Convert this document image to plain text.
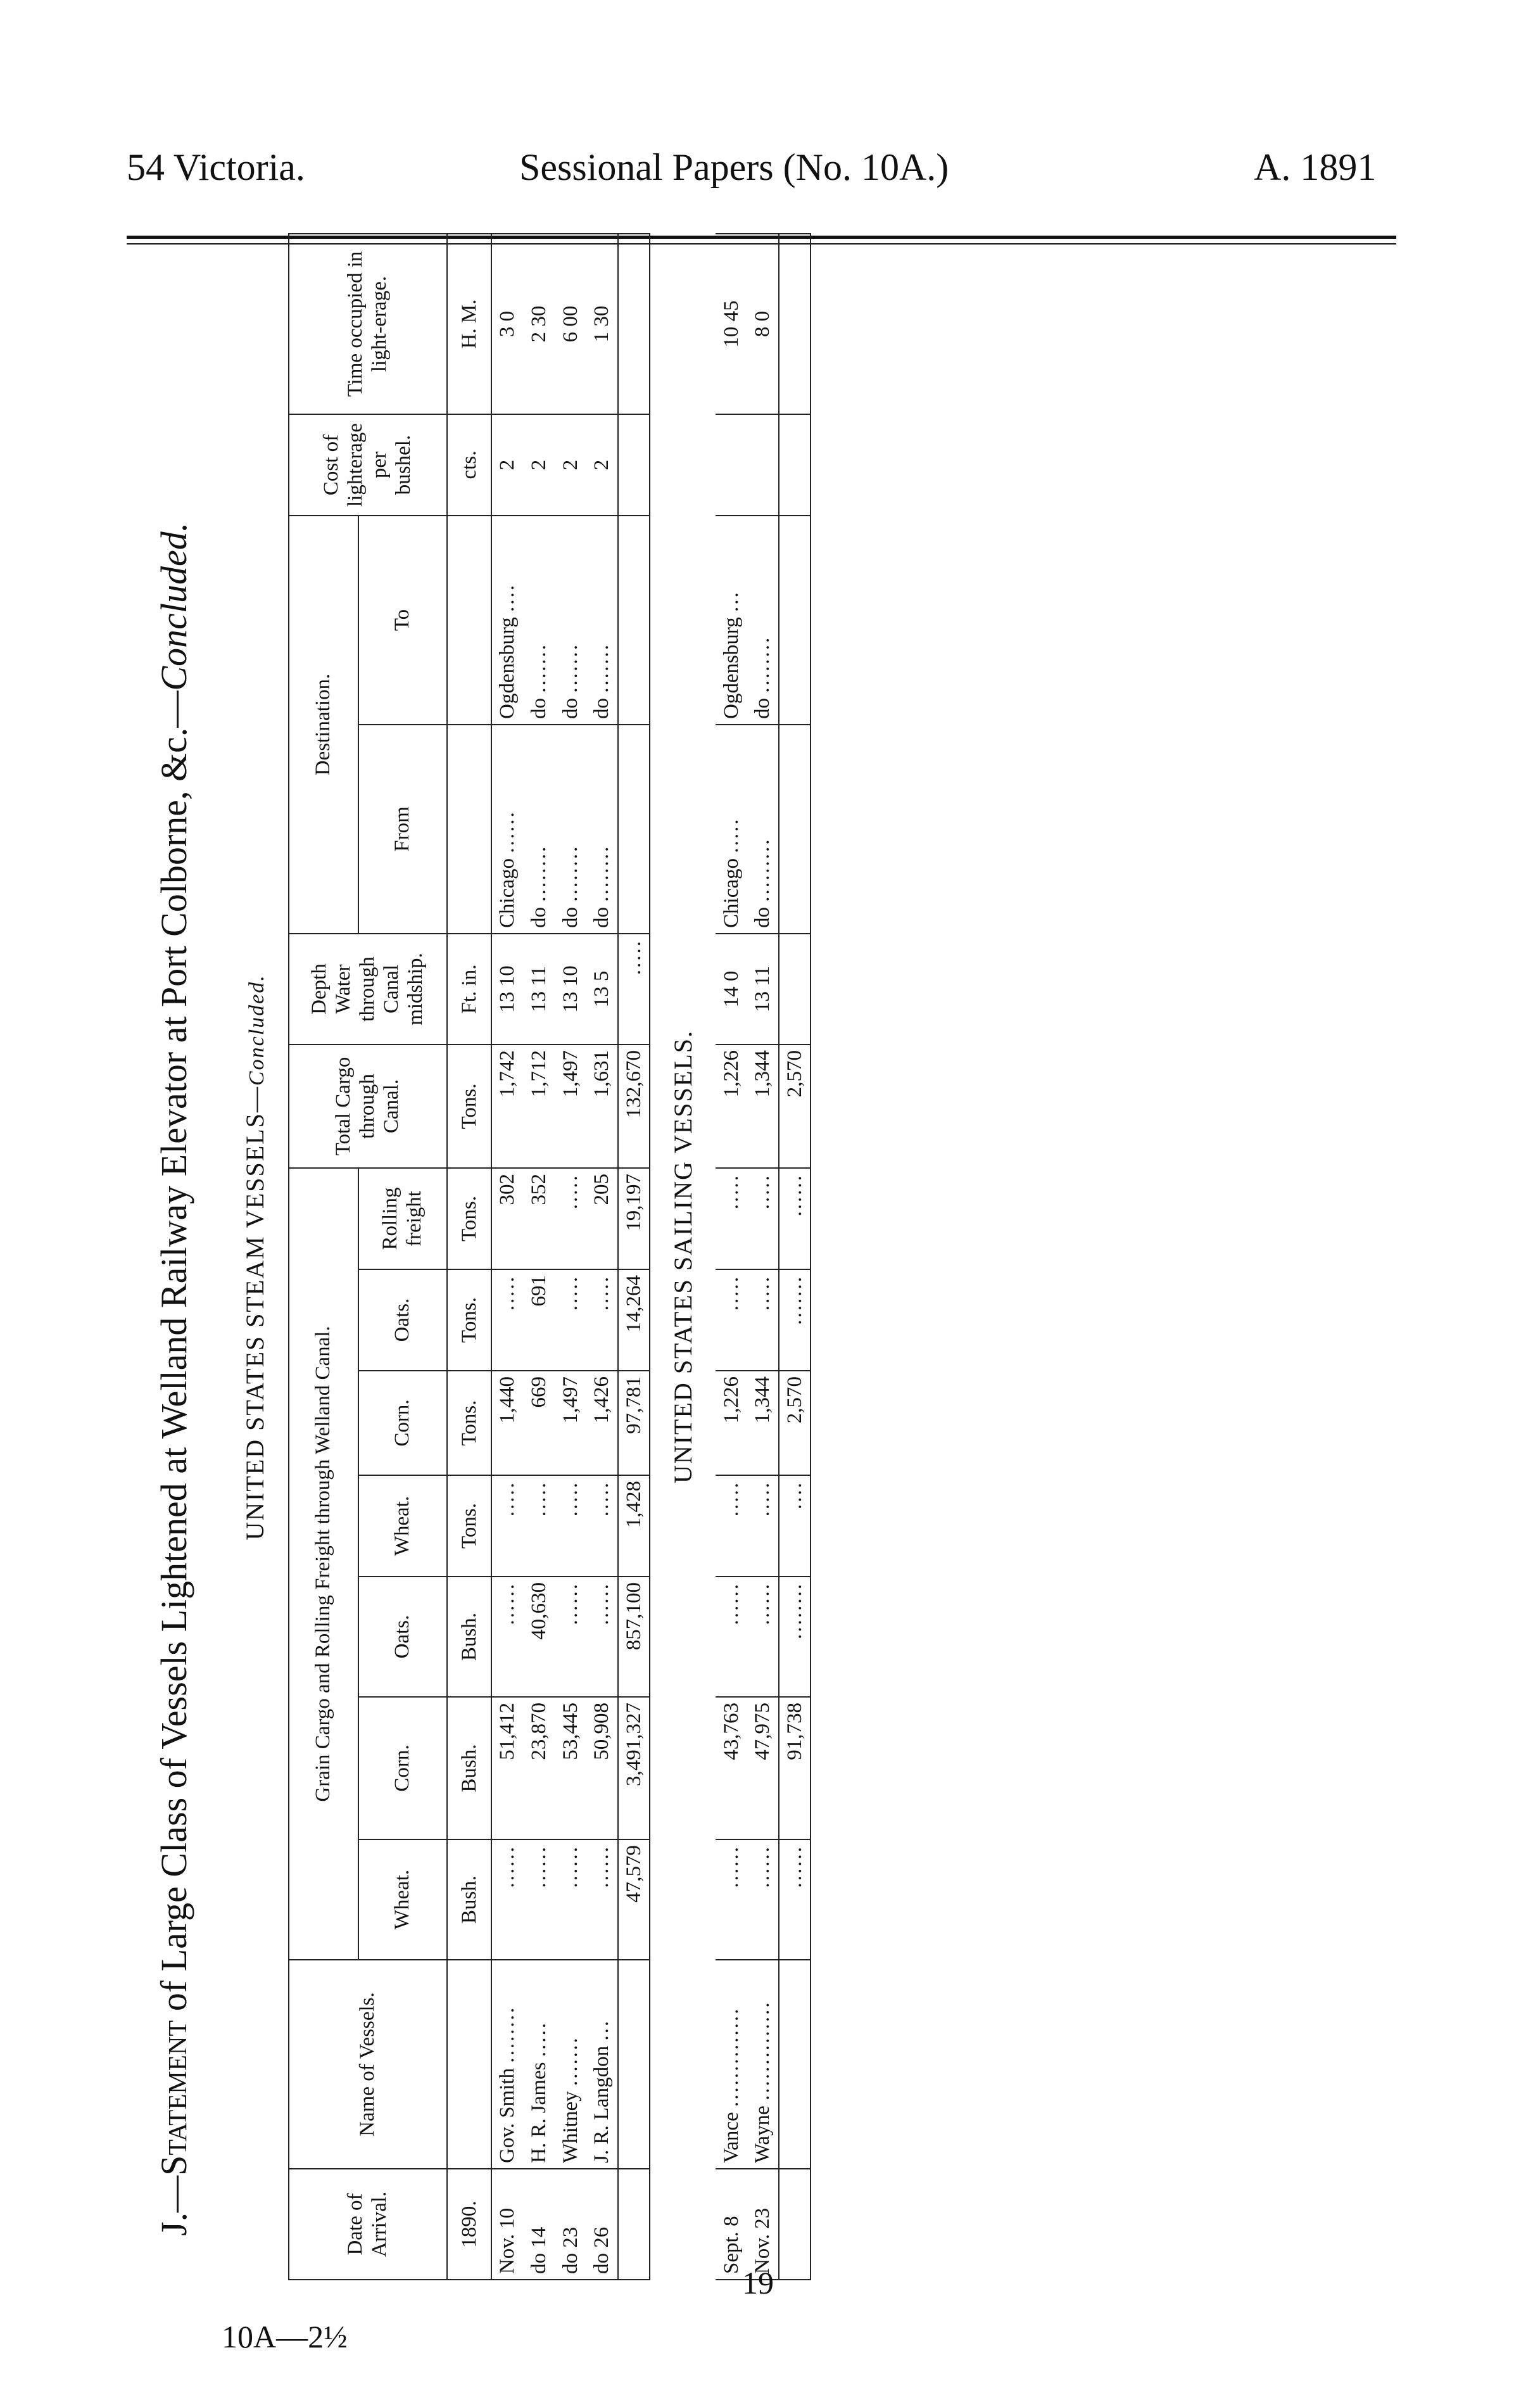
54 Victoria.	Sessional Papers (No. 10A.)	A. 1891
J.—Statement of Large Class of Vessels Lightened at Welland Railway Elevator at Port Colborne, &c.—Concluded.
UNITED STATES STEAM VESSELS—Concluded.
Date of Arrival.	Name of Vessels.	Grain Cargo and Rolling Freight through Welland Canal.							Total Cargo through Canal.	Depth Water through Canal midship.	Destination.		Cost of lighterage per bushel.	Time occupied in light-erage.
		Wheat.	Corn.	Oats.	Wheat.	Corn.	Oats.	Rolling freight			From	To		
1890.		Bush.	Bush.	Bush.	Tons.	Tons.	Tons.	Tons.	Tons.	Ft. in.			cts.	H. M.
Nov. 10	Gov. Smith ........	......	51,412	......	.....	1,440	.....	302	1,742	13 10	Chicago ......	Ogdensburg ....	2	3 0
do 14	H. R. James .....	......	23,870	40,630	.....	669	691	352	1,712	13 11	do ........	do .......	2	2 30
do 23	Whitney .......	......	53,445	......	.....	1,497	.....	.....	1,497	13 10	do ........	do .......	2	6 00
do 26	J. R. Langdon ...	......	50,908	......	.....	1,426	.....	205	1,631	13 5	do ........	do .......	2	1 30
		47,579	3,491,327	857,100	1,428	97,781	14,264	19,197	132,670	.....				
UNITED STATES SAILING VESSELS.														
Sept. 8	Vance ..............	......	43,763	......	.....	1,226	.....	.....	1,226	14 0	Chicago .....	Ogdensburg ...		10 45
Nov. 23	Wayne ..............	......	47,975	......	.....	1,344	.....	.....	1,344	13 11	do .........	do ........		8 0
		......	91,738	........	....	2,570	.......	......	2,570					
10A—2½
19
